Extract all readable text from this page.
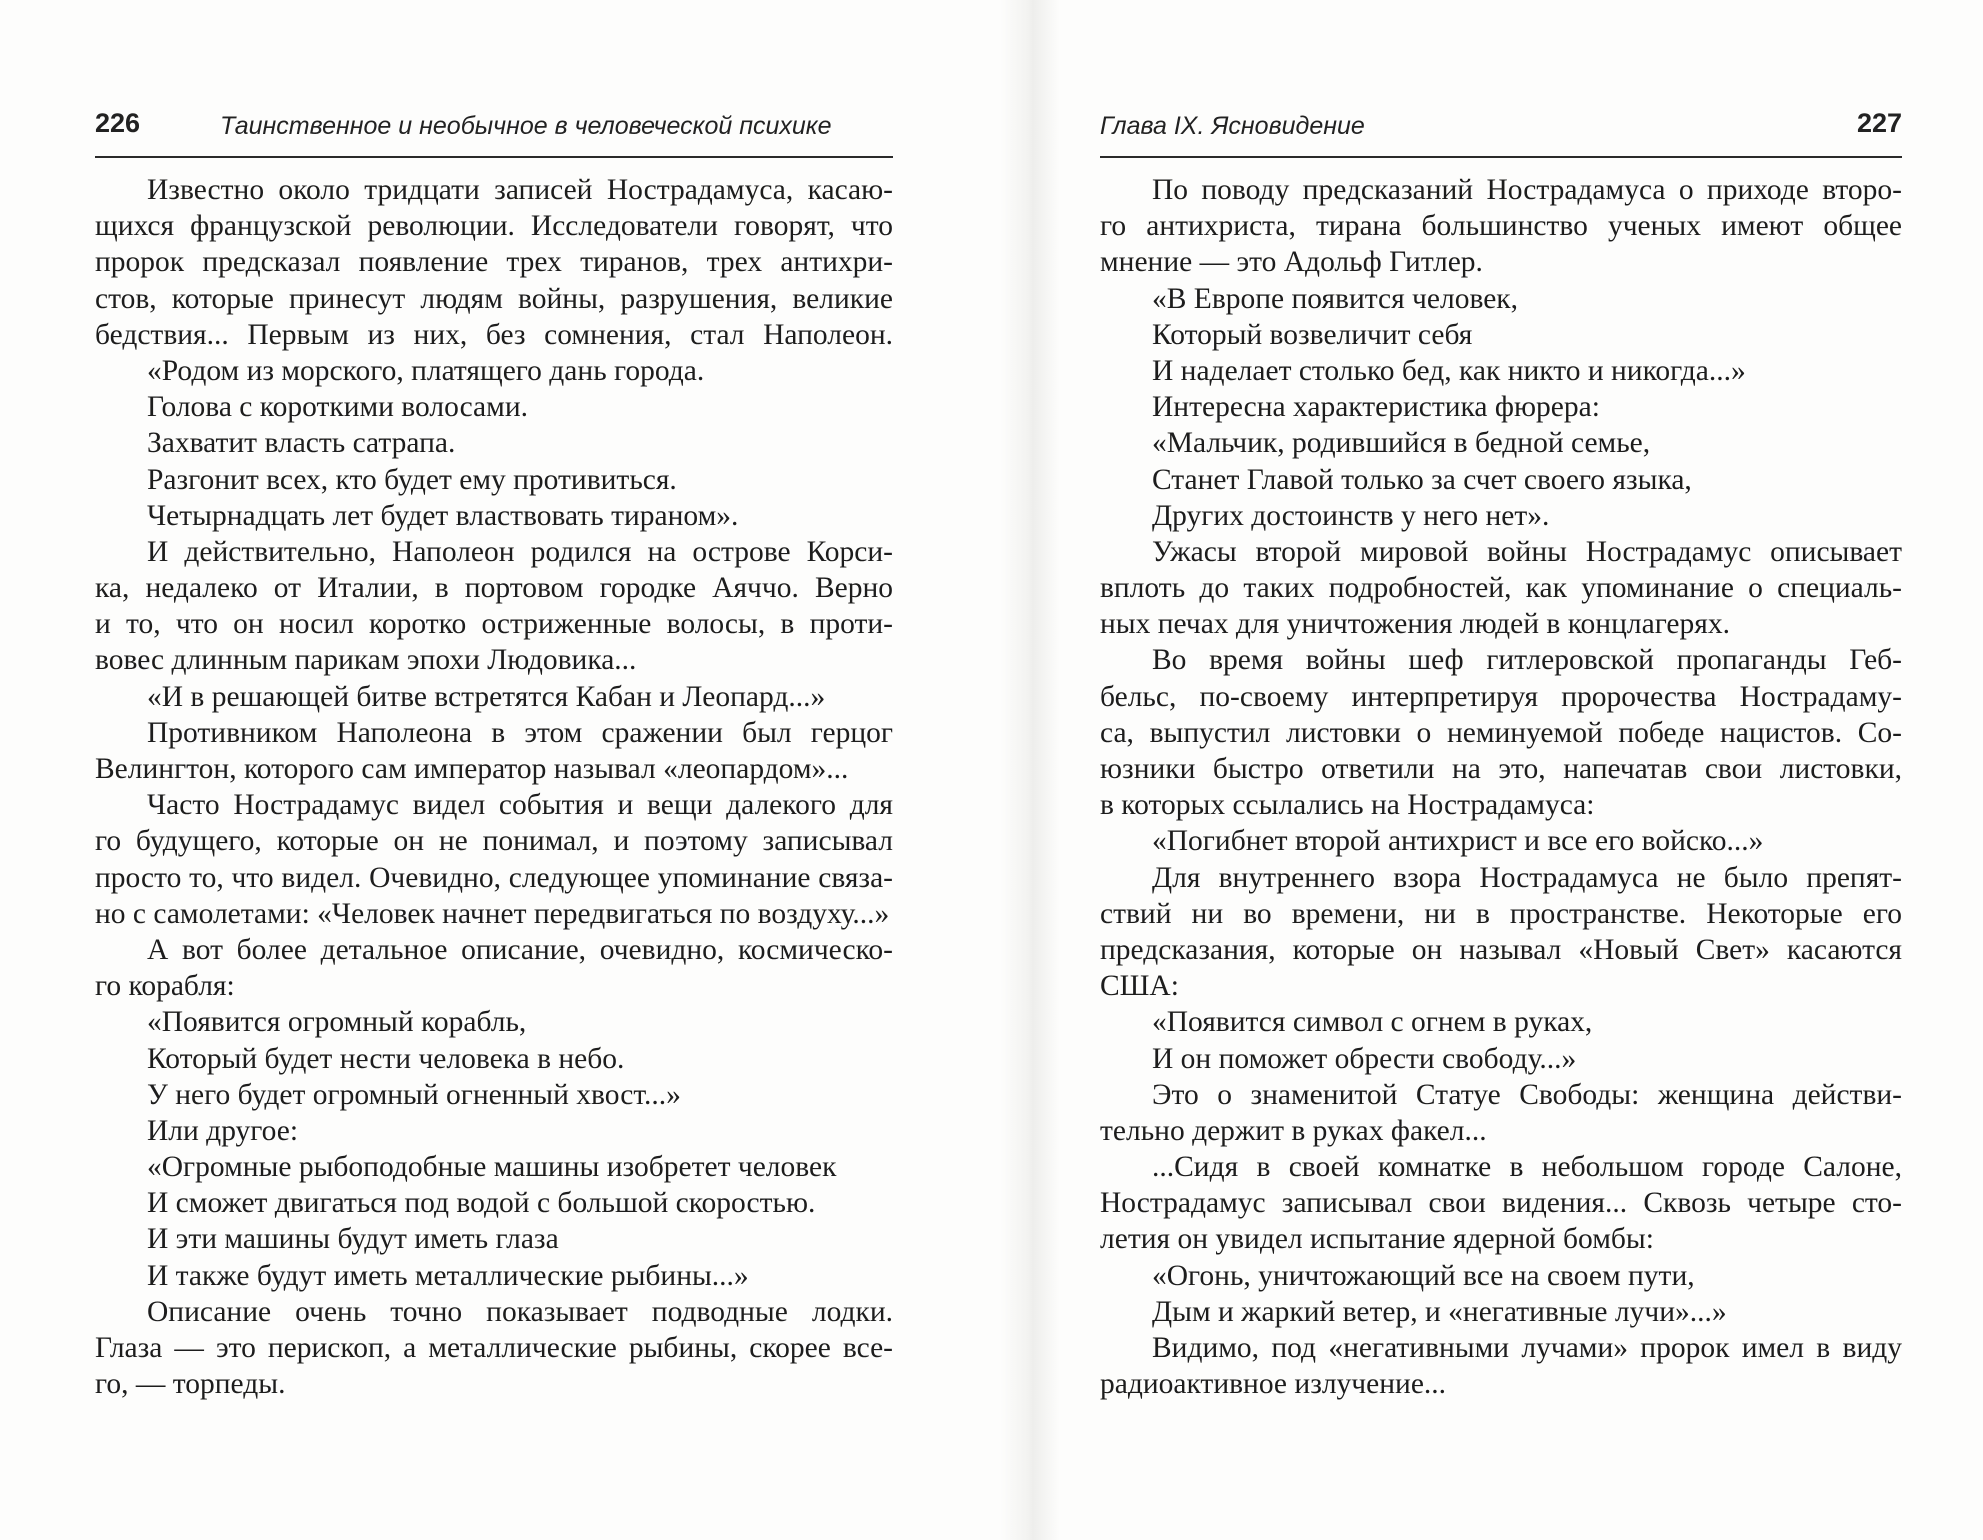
226	Таинственное и необычное в человеческой психике
Известно около тридцати записей Нострадамуса, касаю-
щихся французской революции. Исследователи говорят, что
пророк предсказал появление трех тиранов, трех антихри-
стов, которые принесут людям войны, разрушения, великие
бедствия... Первым из них, без сомнения, стал Наполеон.
«Родом из морского, платящего дань города.
Голова с короткими волосами.
Захватит власть сатрапа.
Разгонит всех, кто будет ему противиться.
Четырнадцать лет будет властвовать тираном».
И действительно, Наполеон родился на острове Корси-
ка, недалеко от Италии, в портовом городке Аяччо. Верно
и то, что он носил коротко остриженные волосы, в проти-
вовес длинным парикам эпохи Людовика...
«И в решающей битве встретятся Кабан и Леопард...»
Противником Наполеона в этом сражении был герцог
Велингтон, которого сам император называл «леопардом»...
Часто Нострадамус видел события и вещи далекого для
го будущего, которые он не понимал, и поэтому записывал
просто то, что видел. Очевидно, следующее упоминание связа-
но с самолетами: «Человек начнет передвигаться по воздуху...»
А вот более детальное описание, очевидно, космическо-
го корабля:
«Появится огромный корабль,
Который будет нести человека в небо.
У него будет огромный огненный хвост...»
Или другое:
«Огромные рыбоподобные машины изобретет человек
И сможет двигаться под водой с большой скоростью.
И эти машины будут иметь глаза
И также будут иметь металлические рыбины...»
Описание очень точно показывает подводные лодки.
Глаза — это перископ, а металлические рыбины, скорее все-
го, — торпеды.
Глава IX. Ясновидение	227
По поводу предсказаний Нострадамуса о приходе второ-
го антихриста, тирана большинство ученых имеют общее
мнение — это Адольф Гитлер.
«В Европе появится человек,
Который возвеличит себя
И наделает столько бед, как никто и никогда...»
Интересна характеристика фюрера:
«Мальчик, родившийся в бедной семье,
Станет Главой только за счет своего языка,
Других достоинств у него нет».
Ужасы второй мировой войны Нострадамус описывает
вплоть до таких подробностей, как упоминание о специаль-
ных печах для уничтожения людей в концлагерях.
Во время войны шеф гитлеровской пропаганды Геб-
бельс, по-своему интерпретируя пророчества Нострадаму-
са, выпустил листовки о неминуемой победе нацистов. Со-
юзники быстро ответили на это, напечатав свои листовки,
в которых ссылались на Нострадамуса:
«Погибнет второй антихрист и все его войско...»
Для внутреннего взора Нострадамуса не было препят-
ствий ни во времени, ни в пространстве. Некоторые его
предсказания, которые он называл «Новый Свет» касаются
США:
«Появится символ с огнем в руках,
И он поможет обрести свободу...»
Это о знаменитой Статуе Свободы: женщина действи-
тельно держит в руках факел...
...Сидя в своей комнатке в небольшом городе Салоне,
Нострадамус записывал свои видения... Сквозь четыре сто-
летия он увидел испытание ядерной бомбы:
«Огонь, уничтожающий все на своем пути,
Дым и жаркий ветер, и «негативные лучи»...»
Видимо, под «негативными лучами» пророк имел в виду
радиоактивное излучение...
